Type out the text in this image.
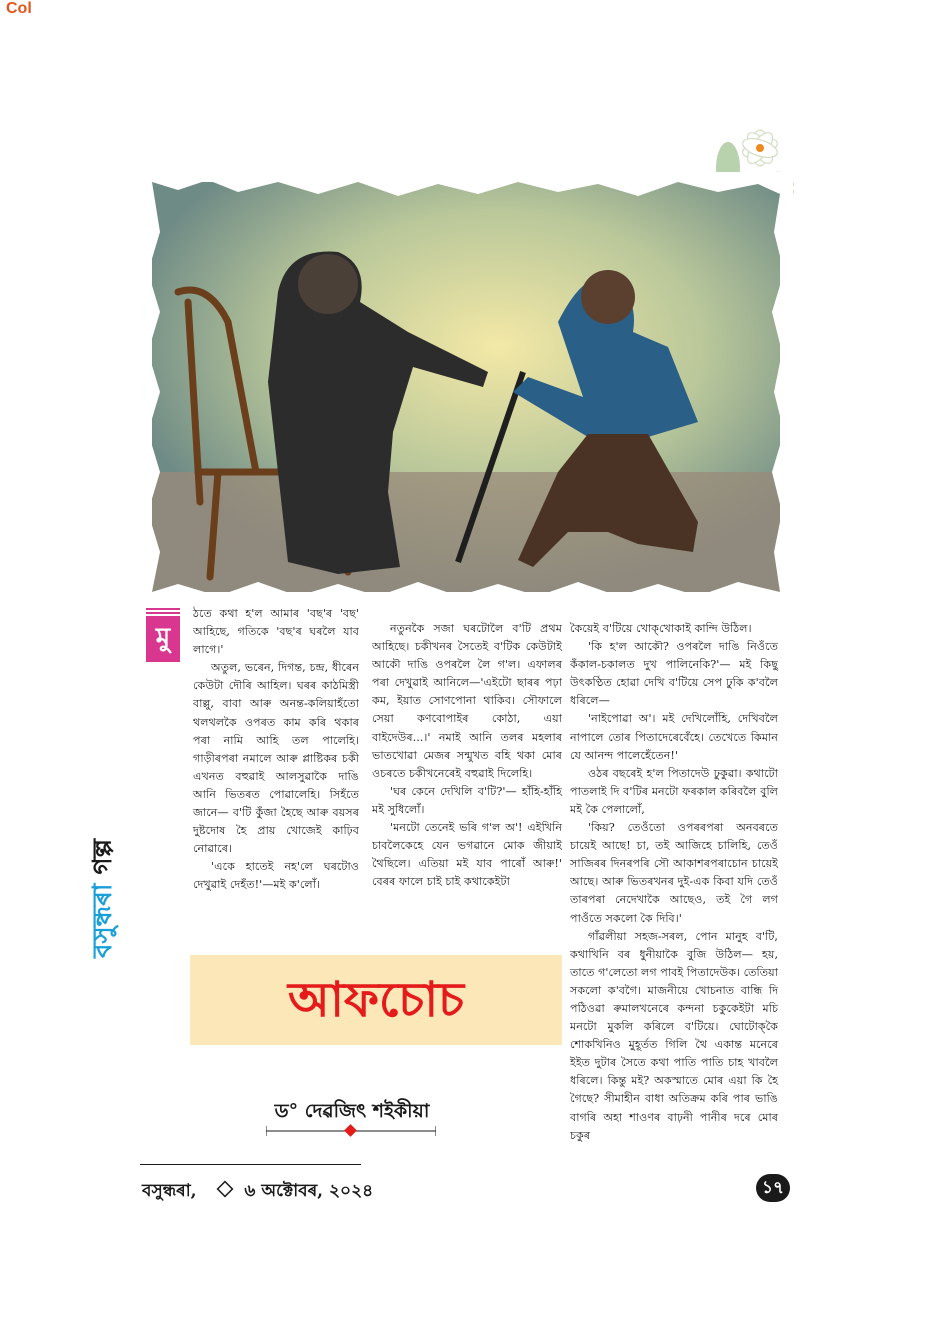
Col
মু

ঠতে কথা হ'ল আমাৰ 'বছ'ৰ 'বছ' আহিছে, গতিকে 'বছ'ৰ ঘৰলৈ যাব লাগে।'

অতুল, ভৰেন, দিগন্ত, চন্দ্ৰ, ধীৰেন কেউটা দৌৰি আহিল। ঘৰৰ কাঠমিস্ত্ৰী বাল্লু, বাবা আৰু অনন্ত-কলিয়াহঁতো থলথলকৈ ওপৰত কাম কৰি থকাৰ পৰা নামি আহি তল পালেহি। গাড়ীৰপৰা নমালে আৰু প্লাষ্টিকৰ চকী এখনত বহুৱাই আলসুৱাকৈ দাঙি আনি ভিতৰত পোৱালেহি। সিহঁতে জানে— ব'টি কুঁজা হৈছে আৰু বয়সৰ দুষ্টদোষ হৈ প্ৰায় খোজেই কাঢ়িব নোৱাৰে।

'একে হাতেই নহ'লে ঘৰটোও দেখুৱাই দেহঁত!'—মই ক'লোঁ।

নতুনকৈ সজা ঘৰটোলৈ ব'টি প্ৰথম আহিছে। চকীখনৰ সৈতেই ব'টিক কেউটাই আকৌ দাঙি ওপৰলৈ লৈ গ'ল। এফালৰ পৰা দেখুৱাই আনিলে—'এইটো ছাৰৰ পঢ়া কম, ইয়াত সোণপোনা থাকিব। সৌফালে সেয়া কণবোপাইৰ কোঠা, এয়া বাইদেউৰ...।' নমাই আনি তলৰ মহলাৰ ভাতখোৱা মেজৰ সন্মুখত বহি থকা মোৰ ওচৰতে চকীখনেৰেই বহুৱাই দিলেহি।

'ঘৰ কেনে দেখিলি ব'টি?'— হাঁহি-হাঁহি মই সুধিলোঁ।

'মনটো তেনেই ভৰি গ'ল অ'! এইখিনি চাবলৈকেহে যেন ভগৱানে মোক জীয়াই থৈছিলে। এতিয়া মই যাব পাৰোঁ আৰু!' বেৰৰ ফালে চাই চাই কথাকেইটা

কৈয়েই ব'টিয়ে খোক্‌খোকাই কান্দি উঠিল।

'কি হ'ল আকৌ? ওপৰলৈ দাঙি নিওঁতে কঁকাল-চকালত দুখ পালিনেকি?'— মই কিছু উৎকণ্ঠিত হোৱা দেখি ব'টিয়ে সেপ ঢুকি ক'বলৈ ধৰিলে—

'নাইপোৱা অ'। মই দেখিলোঁহি, দেখিবলৈ নাপালে তোৰ পিতাদেৰেবেঁহে। তেখেতে কিমান যে আনন্দ পালেহেঁতেন!'

ওঠৰ বছৰেই হ'ল পিতাদেউ ঢুকুৱা। কথাটো পাতলাই দি ব'টিৰ মনটো ফৰকাল কৰিবলৈ বুলি মই কৈ পেলালোঁ,

'কিয়? তেওঁতো ওপৰৰপৰা অনবৰতে চায়েই আছে! চা, তই আজিহে চালিহি, তেওঁ সাজিৰৰ দিনৰপৰি সৌ আকাশৰপৰাচোন চায়েই আছে। আৰু ভিতৰখনৰ দুই-এক কিবা যদি তেওঁ তাৰপৰা নেদেখাকৈ আছেও, তই গৈ লগ পাওঁতে সকলো কৈ দিবি।'

গাঁৱলীয়া সহজ-সৰল, পোন মানুহ ব'টি, কথাখিনি বৰ ধুনীয়াকৈ বুজি উঠিল— হয়, তাতে গ'লেতো লগ পাবই পিতাদেউক। তেতিয়া সকলো ক'বগৈ। মাজনীয়ে খোচনাত বান্ধি দি পঠিওৱা ৰুমালখনেৰে কন্দনা চকুকেইটা মচি মনটো মুকলি কৰিলে ব'টিয়ে। ঘোটোক্‌কৈ শোকখিনিও মুহূৰ্তত গিলি থৈ একান্ত মনেৰে ইইত দুটাৰ সৈতে কথা পাতি পাতি চাহ খাবলৈ ধৰিলে। কিন্তু মই? অকস্মাতে মোৰ এয়া কি হৈ গৈছে? সীমাহীন বাধা অতিক্ৰম কৰি পাৰ ভাঙি বাগৰি অহা শাওণৰ বাঢ়নী পানীৰ দৰে মোৰ চকুৰ

বসুন্ধৰা গল্প
আফচোচ
ড° দেৱজিৎ শইকীয়া
বসুন্ধৰা,	৬ অক্টোবৰ, ২০২৪	১৭
